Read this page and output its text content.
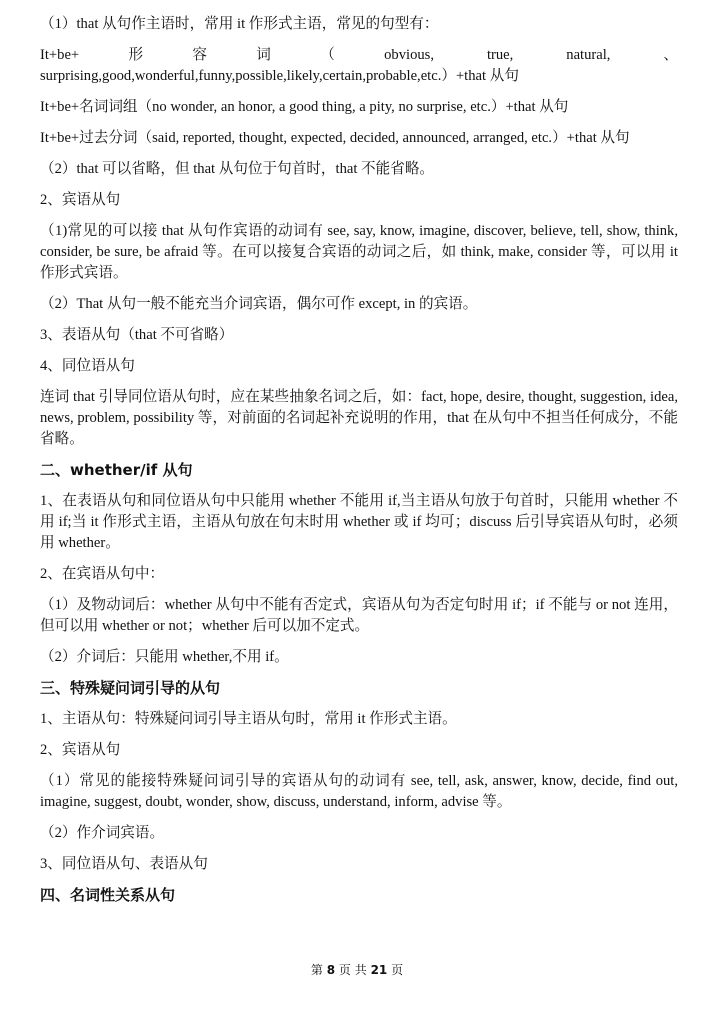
（1）that 从句作主语时，常用 it 作形式主语，常见的句型有：

It+be+形容词（obvious, true, natural, 、surprising,good,wonderful,funny,possible,likely,certain,probable,etc.）+that 从句

It+be+名词词组（no wonder, an honor, a good thing, a pity, no surprise, etc.）+that 从句

It+be+过去分词（said, reported, thought, expected, decided, announced, arranged, etc.）+that 从句

（2）that 可以省略，但 that 从句位于句首时，that 不能省略。

2、宾语从句

（1)常见的可以接 that 从句作宾语的动词有 see, say, know, imagine, discover, believe, tell, show, think, consider, be sure, be afraid 等。在可以接复合宾语的动词之后，如 think, make, consider 等，可以用 it 作形式宾语。

（2）That 从句一般不能充当介词宾语，偶尔可作 except, in 的宾语。

3、表语从句（that 不可省略）

4、同位语从句

连词 that 引导同位语从句时，应在某些抽象名词之后，如：fact, hope, desire, thought, suggestion, idea, news, problem, possibility 等，对前面的名词起补充说明的作用，that 在从句中不担当任何成分，不能省略。

二、whether/if 从句

1、在表语从句和同位语从句中只能用 whether 不能用 if,当主语从句放于句首时，只能用 whether 不用 if;当 it 作形式主语，主语从句放在句末时用 whether 或 if 均可；discuss 后引导宾语从句时，必须用 whether。

2、在宾语从句中：

（1）及物动词后：whether 从句中不能有否定式，宾语从句为否定句时用 if；if 不能与 or not 连用，但可以用 whether or not；whether 后可以加不定式。

（2）介词后：只能用 whether,不用 if。

三、特殊疑问词引导的从句

1、主语从句：特殊疑问词引导主语从句时，常用 it 作形式主语。

2、宾语从句

（1）常见的能接特殊疑问词引导的宾语从句的动词有 see, tell, ask, answer, know, decide, find out, imagine, suggest, doubt, wonder, show, discuss, understand, inform, advise 等。

（2）作介词宾语。

3、同位语从句、表语从句

四、名词性关系从句

第 8 页 共 21 页
